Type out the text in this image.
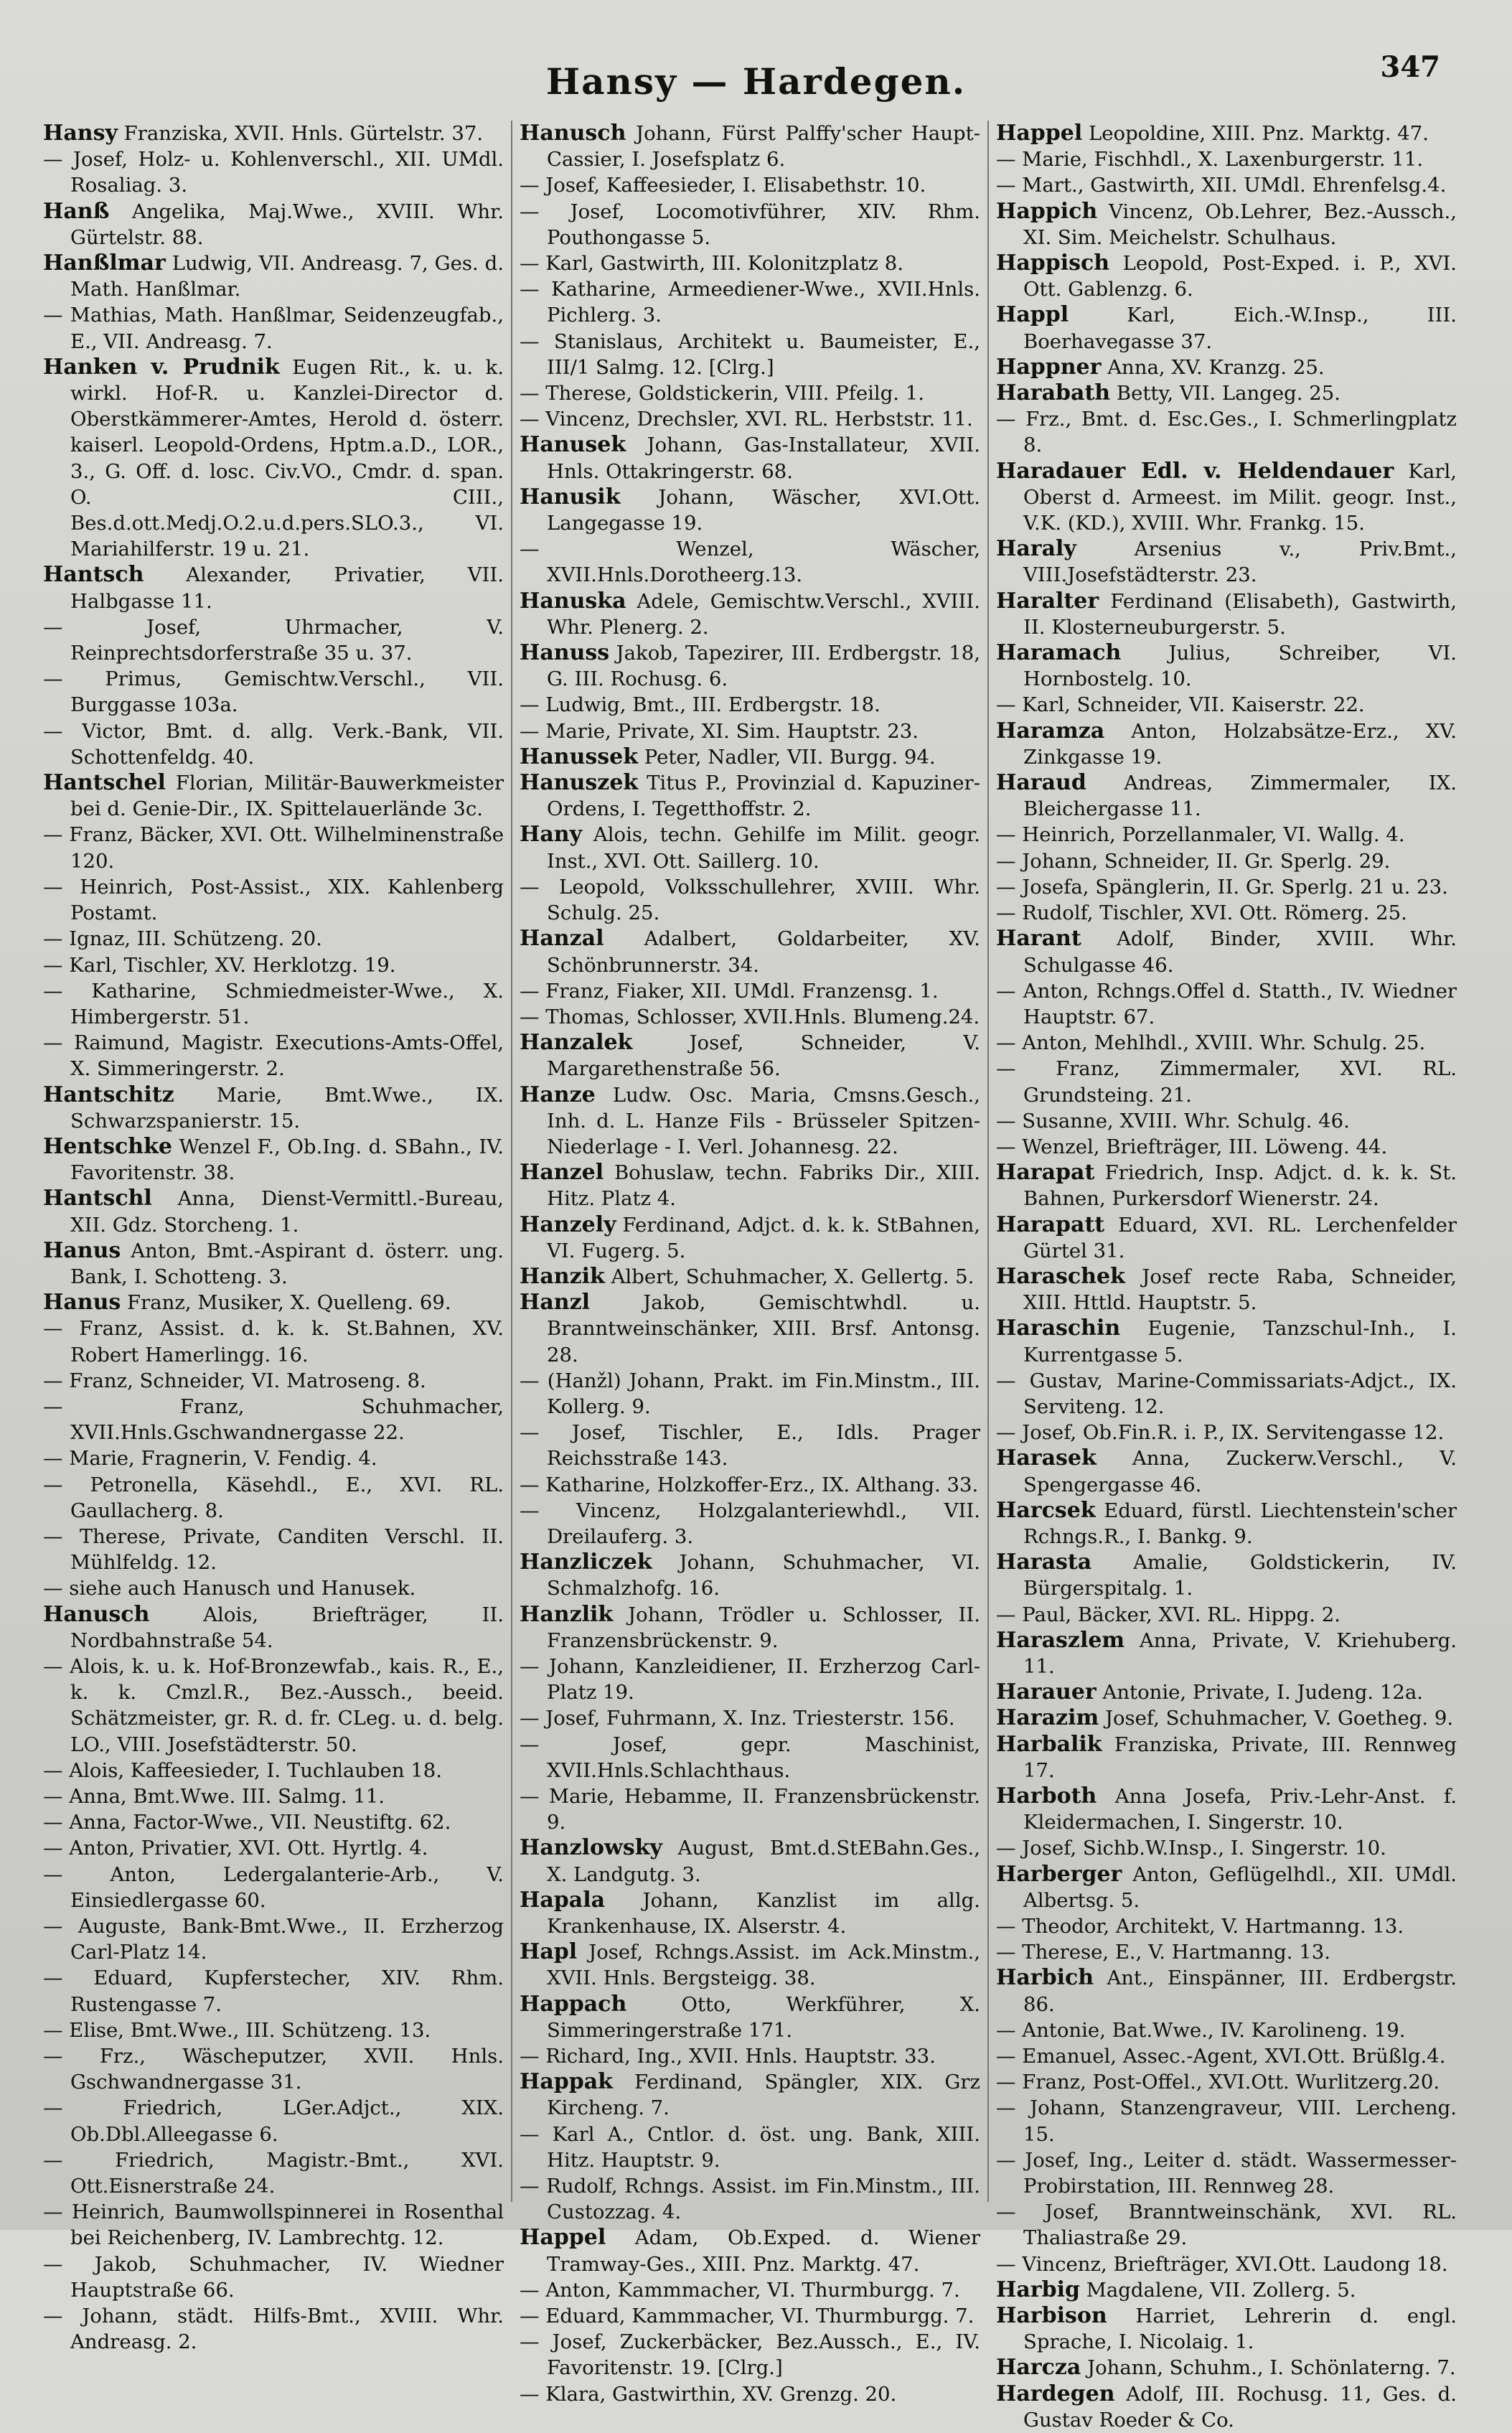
Hansy — Hardegen.	347

Hansy Franziska, XVII. Hnls. Gürtelstr. 37.

— Josef, Holz- u. Kohlenverschl., XII. UMdl. Rosaliag. 3.

Hanß Angelika, Maj.Wwe., XVIII. Whr. Gürtelstr. 88.

Hanßlmar Ludwig, VII. Andreasg. 7, Ges. d. Math. Hanßlmar.

— Mathias, Math. Hanßlmar, Seidenzeugfab., E., VII. Andreasg. 7.

Hanken v. Prudnik Eugen Rit., k. u. k. wirkl. Hof-R. u. Kanzlei-Director d. Oberstkämmerer-Amtes, Herold d. österr. kaiserl. Leopold-Ordens, Hptm.a.D., LOR., 3., G. Off. d. losc. Civ.VO., Cmdr. d. span. O. CIII., Bes.d.ott.Medj.O.2.u.d.pers.SLO.3., VI. Mariahilferstr. 19 u. 21.

Hantsch Alexander, Privatier, VII. Halbgasse 11.

— Josef, Uhrmacher, V. Reinprechtsdorferstraße 35 u. 37.

— Primus, Gemischtw.Verschl., VII. Burggasse 103a.

— Victor, Bmt. d. allg. Verk.-Bank, VII. Schottenfeldg. 40.

Hantschel Florian, Militär-Bauwerkmeister bei d. Genie-Dir., IX. Spittelauerlände 3c.

— Franz, Bäcker, XVI. Ott. Wilhelminenstraße 120.

— Heinrich, Post-Assist., XIX. Kahlenberg Postamt.

— Ignaz, III. Schützeng. 20.

— Karl, Tischler, XV. Herklotzg. 19.

— Katharine, Schmiedmeister-Wwe., X. Himbergerstr. 51.

— Raimund, Magistr. Executions-Amts-Offel, X. Simmeringerstr. 2.

Hantschitz Marie, Bmt.Wwe., IX. Schwarzspanierstr. 15.

Hentschke Wenzel F., Ob.Ing. d. SBahn., IV. Favoritenstr. 38.

Hantschl Anna, Dienst-Vermittl.-Bureau, XII. Gdz. Storcheng. 1.

Hanus Anton, Bmt.-Aspirant d. österr. ung. Bank, I. Schotteng. 3.

Hanus Franz, Musiker, X. Quelleng. 69.

— Franz, Assist. d. k. k. St.Bahnen, XV. Robert Hamerlingg. 16.

— Franz, Schneider, VI. Matroseng. 8.

— Franz, Schuhmacher, XVII.Hnls.Gschwandnergasse 22.

— Marie, Fragnerin, V. Fendig. 4.

— Petronella, Käsehdl., E., XVI. RL. Gaullacherg. 8.

— Therese, Private, Canditen Verschl. II. Mühlfeldg. 12.

— siehe auch Hanusch und Hanusek.

Hanusch Alois, Briefträger, II. Nordbahnstraße 54.

— Alois, k. u. k. Hof-Bronzewfab., kais. R., E., k. k. Cmzl.R., Bez.-Aussch., beeid. Schätzmeister, gr. R. d. fr. CLeg. u. d. belg. LO., VIII. Josefstädterstr. 50.

— Alois, Kaffeesieder, I. Tuchlauben 18.

— Anna, Bmt.Wwe. III. Salmg. 11.

— Anna, Factor-Wwe., VII. Neustiftg. 62.

— Anton, Privatier, XVI. Ott. Hyrtlg. 4.

— Anton, Ledergalanterie-Arb., V. Einsiedlergasse 60.

— Auguste, Bank-Bmt.Wwe., II. Erzherzog Carl-Platz 14.

— Eduard, Kupferstecher, XIV. Rhm. Rustengasse 7.

— Elise, Bmt.Wwe., III. Schützeng. 13.

— Frz., Wäscheputzer, XVII. Hnls. Gschwandnergasse 31.

— Friedrich, LGer.Adjct., XIX. Ob.Dbl.Alleegasse 6.

— Friedrich, Magistr.-Bmt., XVI. Ott.Eisnerstraße 24.

— Heinrich, Baumwollspinnerei in Rosenthal bei Reichenberg, IV. Lambrechtg. 12.

— Jakob, Schuhmacher, IV. Wiedner Hauptstraße 66.

— Johann, städt. Hilfs-Bmt., XVIII. Whr. Andreasg. 2.

Hanusch Johann, Fürst Palffy'scher Haupt-Cassier, I. Josefsplatz 6.

— Josef, Kaffeesieder, I. Elisabethstr. 10.

— Josef, Locomotivführer, XIV. Rhm. Pouthongasse 5.

— Karl, Gastwirth, III. Kolonitzplatz 8.

— Katharine, Armeediener-Wwe., XVII.Hnls. Pichlerg. 3.

— Stanislaus, Architekt u. Baumeister, E., III/1 Salmg. 12. [Clrg.]

— Therese, Goldstickerin, VIII. Pfeilg. 1.

— Vincenz, Drechsler, XVI. RL. Herbststr. 11.

Hanusek Johann, Gas-Installateur, XVII. Hnls. Ottakringerstr. 68.

Hanusik Johann, Wäscher, XVI.Ott. Langegasse 19.

— Wenzel, Wäscher, XVII.Hnls.Dorotheerg.13.

Hanuska Adele, Gemischtw.Verschl., XVIII. Whr. Plenerg. 2.

Hanuss Jakob, Tapezirer, III. Erdbergstr. 18, G. III. Rochusg. 6.

— Ludwig, Bmt., III. Erdbergstr. 18.

— Marie, Private, XI. Sim. Hauptstr. 23.

Hanussek Peter, Nadler, VII. Burgg. 94.

Hanuszek Titus P., Provinzial d. Kapuziner-Ordens, I. Tegetthoffstr. 2.

Hany Alois, techn. Gehilfe im Milit. geogr. Inst., XVI. Ott. Saillerg. 10.

— Leopold, Volksschullehrer, XVIII. Whr. Schulg. 25.

Hanzal Adalbert, Goldarbeiter, XV. Schönbrunnerstr. 34.

— Franz, Fiaker, XII. UMdl. Franzensg. 1.

— Thomas, Schlosser, XVII.Hnls. Blumeng.24.

Hanzalek Josef, Schneider, V. Margarethenstraße 56.

Hanze Ludw. Osc. Maria, Cmsns.Gesch., Inh. d. L. Hanze Fils - Brüsseler Spitzen-Niederlage - I. Verl. Johannesg. 22.

Hanzel Bohuslaw, techn. Fabriks Dir., XIII. Hitz. Platz 4.

Hanzely Ferdinand, Adjct. d. k. k. StBahnen, VI. Fugerg. 5.

Hanzik Albert, Schuhmacher, X. Gellertg. 5.

Hanzl Jakob, Gemischtwhdl. u. Branntweinschänker, XIII. Brsf. Antonsg. 28.

— (Hanžl) Johann, Prakt. im Fin.Minstm., III. Kollerg. 9.

— Josef, Tischler, E., Idls. Prager Reichsstraße 143.

— Katharine, Holzkoffer-Erz., IX. Althang. 33.

— Vincenz, Holzgalanteriewhdl., VII. Dreilauferg. 3.

Hanzliczek Johann, Schuhmacher, VI. Schmalzhofg. 16.

Hanzlik Johann, Trödler u. Schlosser, II. Franzensbrückenstr. 9.

— Johann, Kanzleidiener, II. Erzherzog Carl-Platz 19.

— Josef, Fuhrmann, X. Inz. Triesterstr. 156.

— Josef, gepr. Maschinist, XVII.Hnls.Schlachthaus.

— Marie, Hebamme, II. Franzensbrückenstr. 9.

Hanzlowsky August, Bmt.d.StEBahn.Ges., X. Landgutg. 3.

Hapala Johann, Kanzlist im allg. Krankenhause, IX. Alserstr. 4.

Hapl Josef, Rchngs.Assist. im Ack.Minstm., XVII. Hnls. Bergsteigg. 38.

Happach Otto, Werkführer, X. Simmeringerstraße 171.

— Richard, Ing., XVII. Hnls. Hauptstr. 33.

Happak Ferdinand, Spängler, XIX. Grz Kircheng. 7.

— Karl A., Cntlor. d. öst. ung. Bank, XIII. Hitz. Hauptstr. 9.

— Rudolf, Rchngs. Assist. im Fin.Minstm., III. Custozzag. 4.

Happel Adam, Ob.Exped. d. Wiener Tramway-Ges., XIII. Pnz. Marktg. 47.

— Anton, Kammmacher, VI. Thurmburgg. 7.

— Eduard, Kammmacher, VI. Thurmburgg. 7.

— Josef, Zuckerbäcker, Bez.Aussch., E., IV. Favoritenstr. 19. [Clrg.]

— Klara, Gastwirthin, XV. Grenzg. 20.

Happel Leopoldine, XIII. Pnz. Marktg. 47.

— Marie, Fischhdl., X. Laxenburgerstr. 11.

— Mart., Gastwirth, XII. UMdl. Ehrenfelsg.4.

Happich Vincenz, Ob.Lehrer, Bez.-Aussch., XI. Sim. Meichelstr. Schulhaus.

Happisch Leopold, Post-Exped. i. P., XVI. Ott. Gablenzg. 6.

Happl Karl, Eich.-W.Insp., III. Boerhavegasse 37.

Happner Anna, XV. Kranzg. 25.

Harabath Betty, VII. Langeg. 25.

— Frz., Bmt. d. Esc.Ges., I. Schmerlingplatz 8.

Haradauer Edl. v. Heldendauer Karl, Oberst d. Armeest. im Milit. geogr. Inst., V.K. (KD.), XVIII. Whr. Frankg. 15.

Haraly Arsenius v., Priv.Bmt., VIII.Josefstädterstr. 23.

Haralter Ferdinand (Elisabeth), Gastwirth, II. Klosterneuburgerstr. 5.

Haramach Julius, Schreiber, VI. Hornbostelg. 10.

— Karl, Schneider, VII. Kaiserstr. 22.

Haramza Anton, Holzabsätze-Erz., XV. Zinkgasse 19.

Haraud Andreas, Zimmermaler, IX. Bleichergasse 11.

— Heinrich, Porzellanmaler, VI. Wallg. 4.

— Johann, Schneider, II. Gr. Sperlg. 29.

— Josefa, Spänglerin, II. Gr. Sperlg. 21 u. 23.

— Rudolf, Tischler, XVI. Ott. Römerg. 25.

Harant Adolf, Binder, XVIII. Whr. Schulgasse 46.

— Anton, Rchngs.Offel d. Statth., IV. Wiedner Hauptstr. 67.

— Anton, Mehlhdl., XVIII. Whr. Schulg. 25.

— Franz, Zimmermaler, XVI. RL. Grundsteing. 21.

— Susanne, XVIII. Whr. Schulg. 46.

— Wenzel, Briefträger, III. Löweng. 44.

Harapat Friedrich, Insp. Adjct. d. k. k. St. Bahnen, Purkersdorf Wienerstr. 24.

Harapatt Eduard, XVI. RL. Lerchenfelder Gürtel 31.

Haraschek Josef recte Raba, Schneider, XIII. Httld. Hauptstr. 5.

Haraschin Eugenie, Tanzschul-Inh., I. Kurrentgasse 5.

— Gustav, Marine-Commissariats-Adjct., IX. Serviteng. 12.

— Josef, Ob.Fin.R. i. P., IX. Servitengasse 12.

Harasek Anna, Zuckerw.Verschl., V. Spengergasse 46.

Harcsek Eduard, fürstl. Liechtenstein'scher Rchngs.R., I. Bankg. 9.

Harasta Amalie, Goldstickerin, IV. Bürgerspitalg. 1.

— Paul, Bäcker, XVI. RL. Hippg. 2.

Haraszlem Anna, Private, V. Kriehuberg. 11.

Harauer Antonie, Private, I. Judeng. 12a.

Harazim Josef, Schuhmacher, V. Goetheg. 9.

Harbalik Franziska, Private, III. Rennweg 17.

Harboth Anna Josefa, Priv.-Lehr-Anst. f. Kleidermachen, I. Singerstr. 10.

— Josef, Sichb.W.Insp., I. Singerstr. 10.

Harberger Anton, Geflügelhdl., XII. UMdl. Albertsg. 5.

— Theodor, Architekt, V. Hartmanng. 13.

— Therese, E., V. Hartmanng. 13.

Harbich Ant., Einspänner, III. Erdbergstr. 86.

— Antonie, Bat.Wwe., IV. Karolineng. 19.

— Emanuel, Assec.-Agent, XVI.Ott. Brüßlg.4.

— Franz, Post-Offel., XVI.Ott. Wurlitzerg.20.

— Johann, Stanzengraveur, VIII. Lercheng. 15.

— Josef, Ing., Leiter d. städt. Wassermesser-Probirstation, III. Rennweg 28.

— Josef, Branntweinschänk, XVI. RL. Thaliastraße 29.

— Vincenz, Briefträger, XVI.Ott. Laudong 18.

Harbig Magdalene, VII. Zollerg. 5.

Harbison Harriet, Lehrerin d. engl. Sprache, I. Nicolaig. 1.

Harcza Johann, Schuhm., I. Schönlaterng. 7.

Hardegen Adolf, III. Rochusg. 11, Ges. d. Gustav Roeder & Co.
